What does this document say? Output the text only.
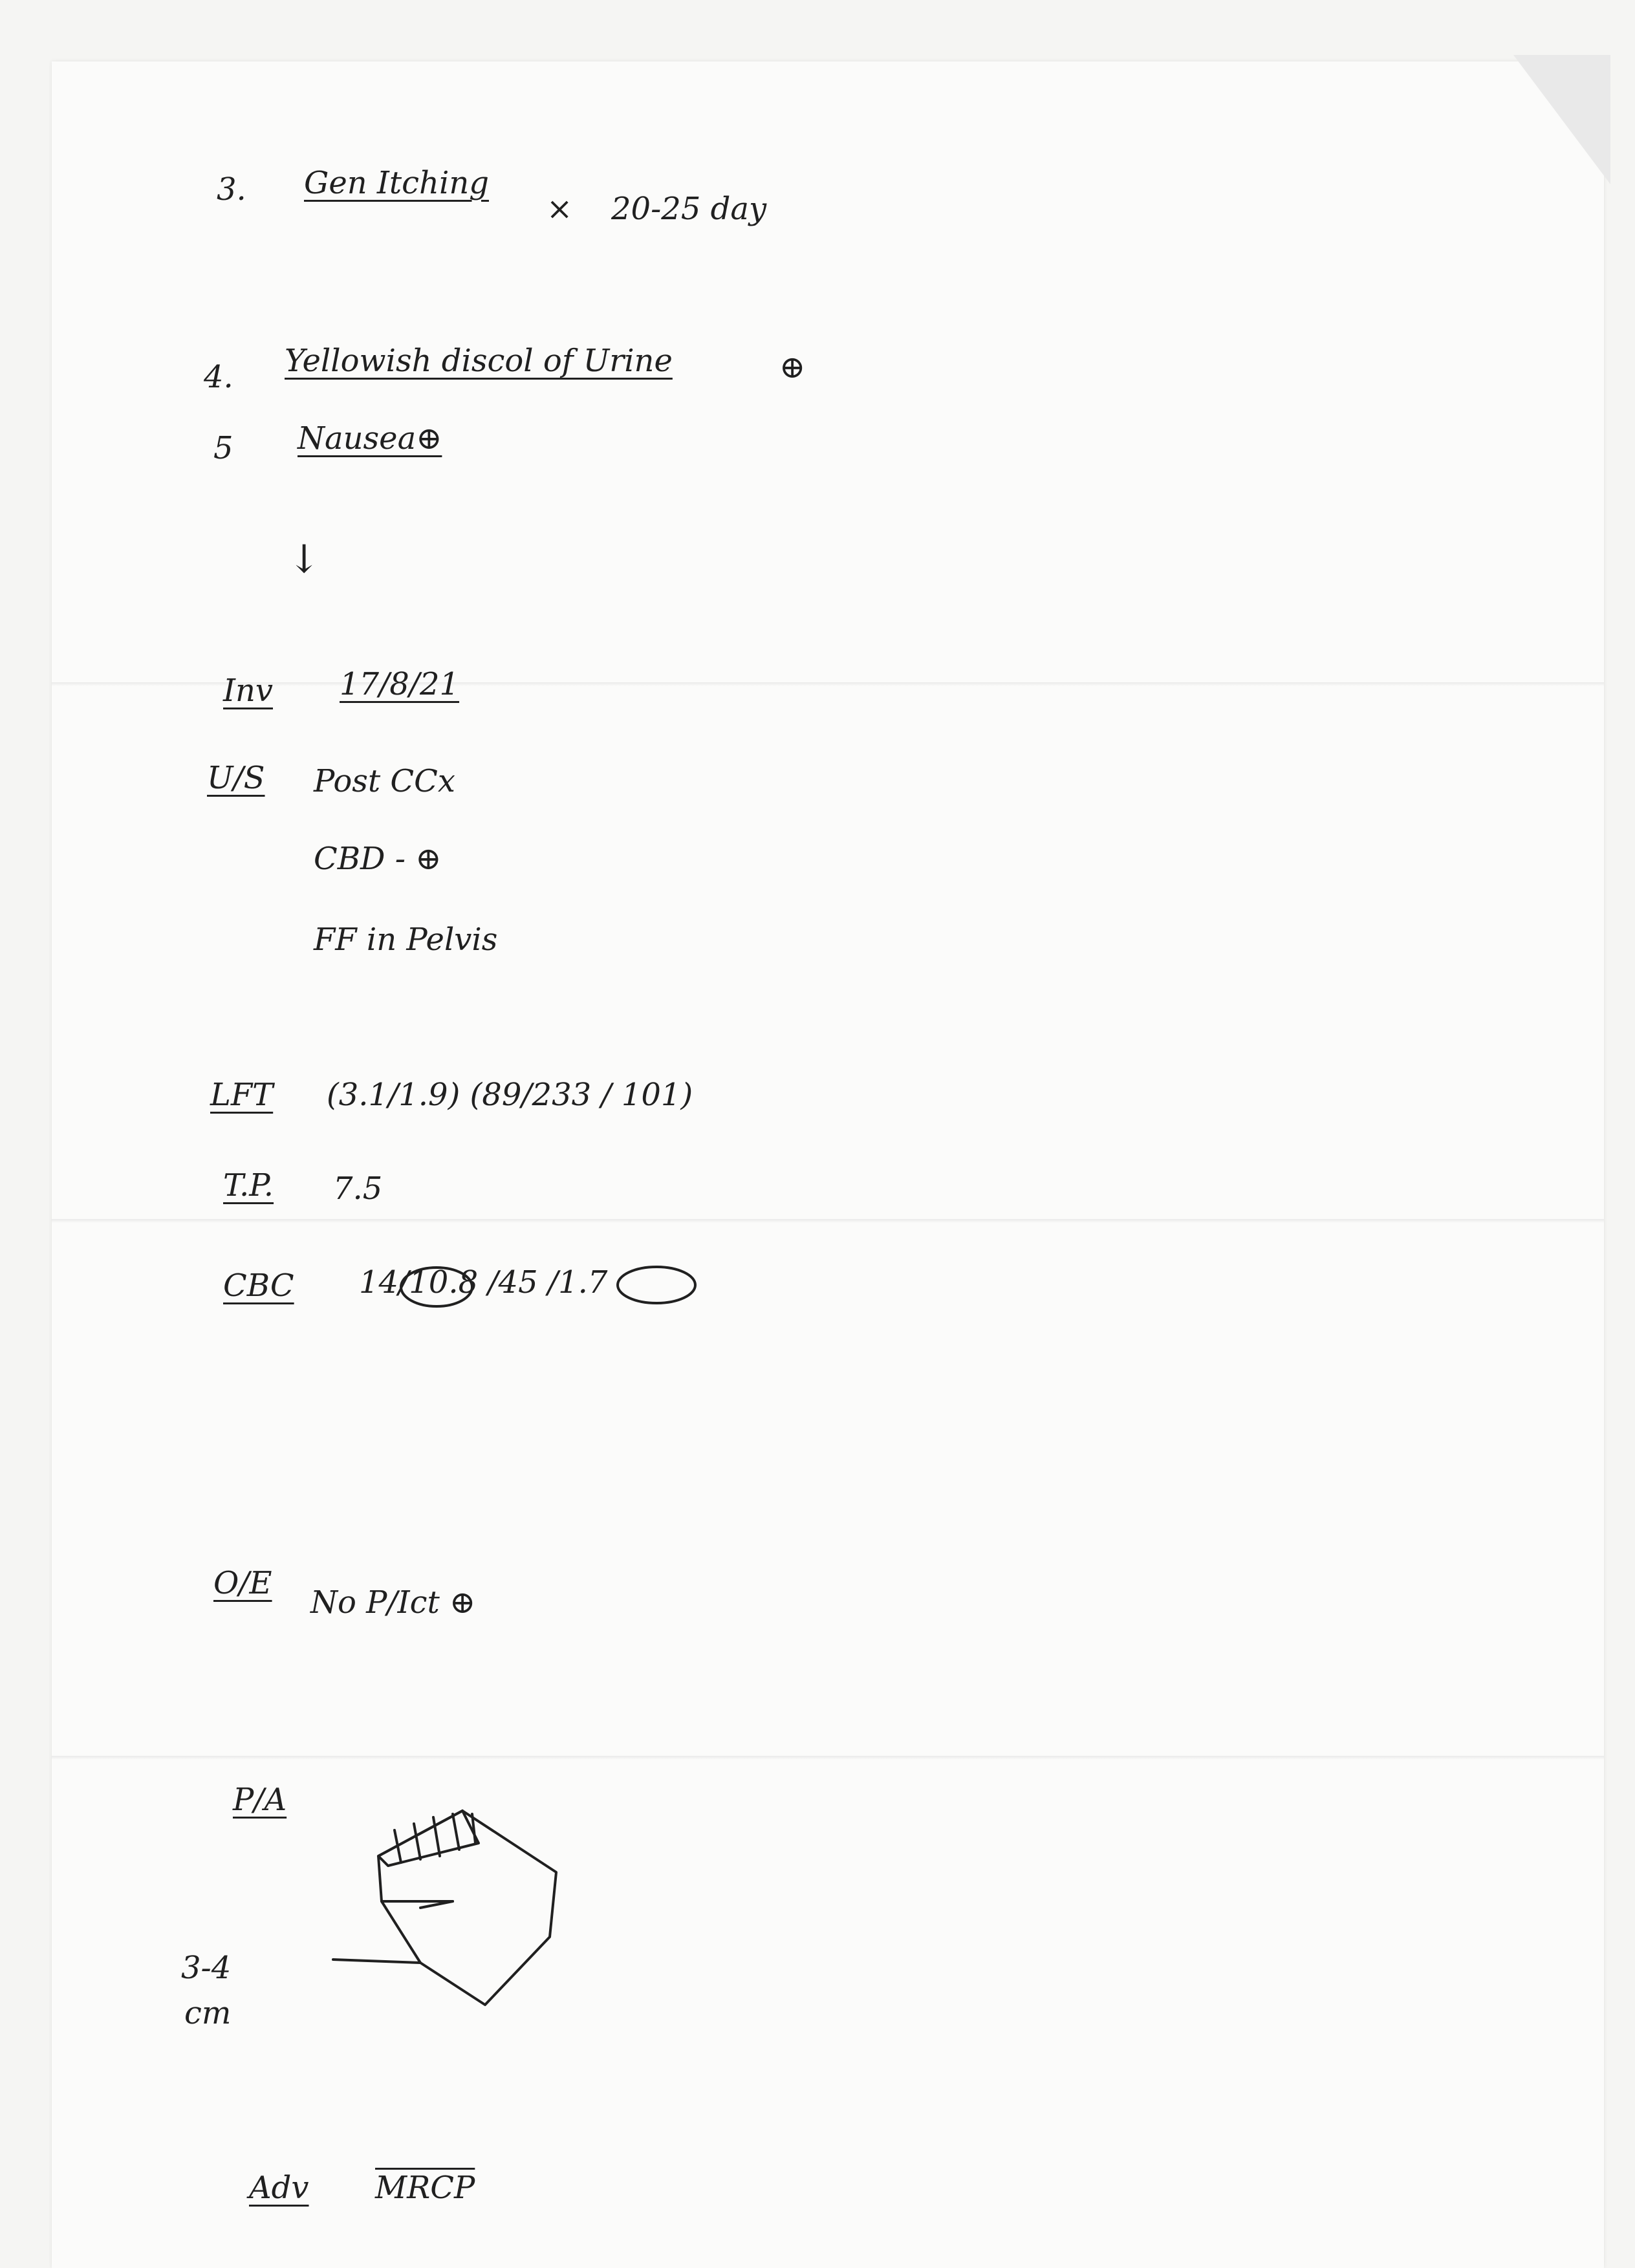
3. Gen Itching
× 20-25 day
4. Yellowish discol of Urine	⊕
5 Nausea⊕
↓
Inv 17/8/21
U/S Post CCx
CBD - ⊕
FF in Pelvis
LFT (3.1/1.9) (89/233 / 101)
T.P. 7.5
CBC 14/10.8 /45 /1.7
O/E
No P/Ict ⊕
P/A
3-4
cm
Adv MRCP
